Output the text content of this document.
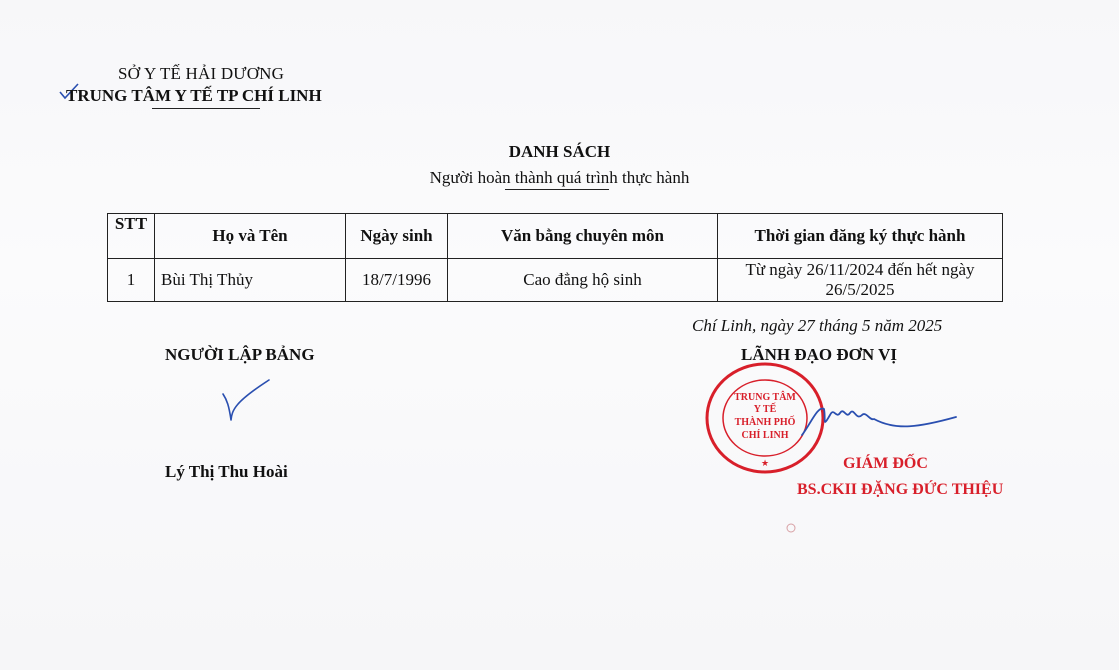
SỞ Y TẾ HẢI DƯƠNG
TRUNG TÂM Y TẾ TP CHÍ LINH
DANH SÁCH
Người hoàn thành quá trình thực hành
STT	Họ và Tên	Ngày sinh	Văn bằng chuyên môn	Thời gian đăng ký thực hành
1	Bùi Thị Thủy	18/7/1996	Cao đẳng hộ sinh	Từ ngày 26/11/2024 đến hết ngày
26/5/2025
Chí Linh, ngày 27 tháng 5 năm 2025
NGƯỜI LẬP BẢNG	LÃNH ĐẠO ĐƠN VỊ
Lý Thị Thu Hoài
TRUNG TÂM
Y TẾ
THÀNH PHỐ
CHÍ LINH
★	GIÁM ĐỐC
BS.CKII ĐẶNG ĐỨC THIỆU
